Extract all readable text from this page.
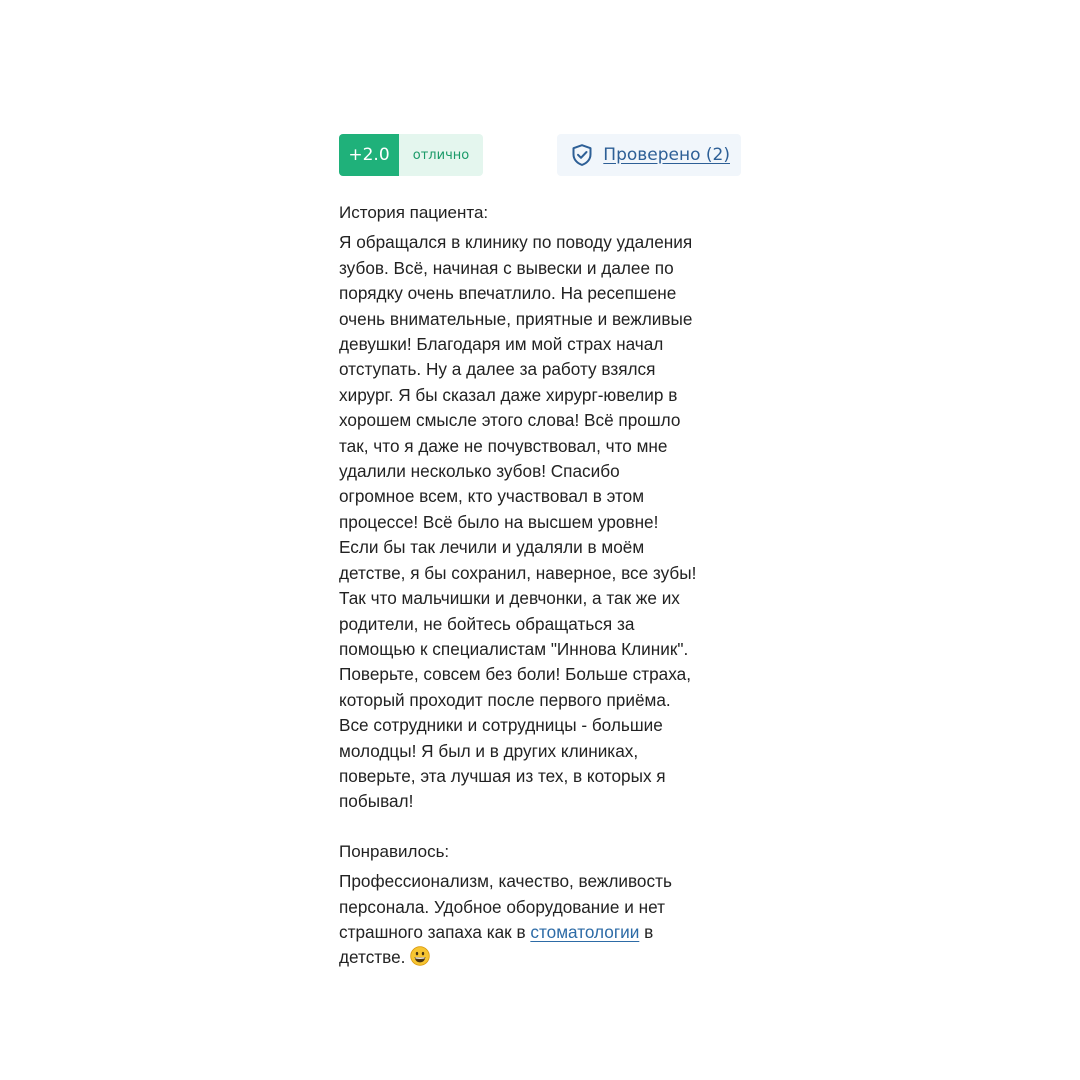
+2.0	отлично	Проверено (2)
История пациента:

Я обращался в клинику по поводу удаления
зубов. Всё, начиная с вывески и далее по
порядку очень впечатлило. На ресепшене
очень внимательные, приятные и вежливые
девушки! Благодаря им мой страх начал
отступать. Ну а далее за работу взялся
хирург. Я бы сказал даже хирург-ювелир в
хорошем смысле этого слова! Всё прошло
так, что я даже не почувствовал, что мне
удалили несколько зубов! Спасибо
огромное всем, кто участвовал в этом
процессе! Всё было на высшем уровне!
Если бы так лечили и удаляли в моём
детстве, я бы сохранил, наверное, все зубы!
Так что мальчишки и девчонки, а так же их
родители, не бойтесь обращаться за
помощью к специалистам "Иннова Клиник".
Поверьте, совсем без боли! Больше страха,
который проходит после первого приёма.
Все сотрудники и сотрудницы - большие
молодцы! Я был и в других клиниках,
поверьте, эта лучшая из тех, в которых я
побывал!

Понравилось:

Профессионализм, качество, вежливость
персонала. Удобное оборудование и нет
страшного запаха как в стоматологии в
детстве.
